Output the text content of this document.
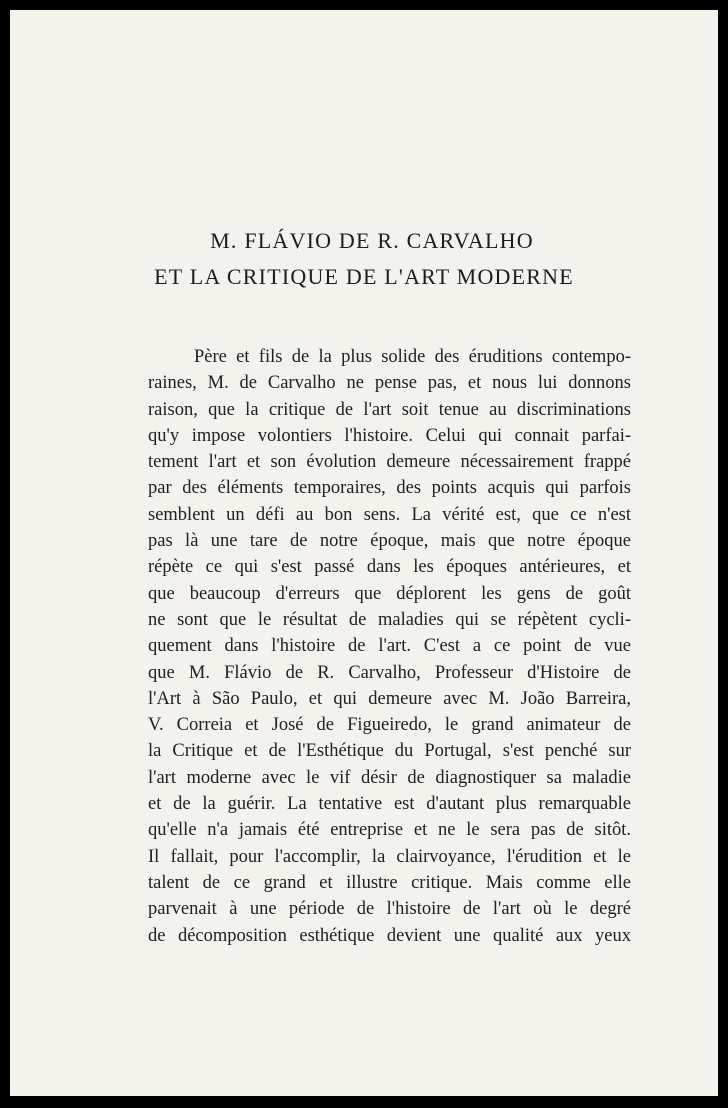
M. FLÁVIO DE R. CARVALHO
ET LA CRITIQUE DE L'ART MODERNE
Père et fils de la plus solide des éruditions contempo-
raines, M. de Carvalho ne pense pas, et nous lui donnons
raison, que la critique de l'art soit tenue au discriminations
qu'y impose volontiers l'histoire. Celui qui connait parfai-
tement l'art et son évolution demeure nécessairement frappé
par des éléments temporaires, des points acquis qui parfois
semblent un défi au bon sens. La vérité est, que ce n'est
pas là une tare de notre époque, mais que notre époque
répète ce qui s'est passé dans les époques antérieures, et
que beaucoup d'erreurs que déplorent les gens de goût
ne sont que le résultat de maladies qui se répètent cycli-
quement dans l'histoire de l'art. C'est a ce point de vue
que M. Flávio de R. Carvalho, Professeur d'Histoire de
l'Art à São Paulo, et qui demeure avec M. João Barreira,
V. Correia et José de Figueiredo, le grand animateur de
la Critique et de l'Esthétique du Portugal, s'est penché sur
l'art moderne avec le vif désir de diagnostiquer sa maladie
et de la guérir. La tentative est d'autant plus remarquable
qu'elle n'a jamais été entreprise et ne le sera pas de sitôt.
Il fallait, pour l'accomplir, la clairvoyance, l'érudition et le
talent de ce grand et illustre critique. Mais comme elle
parvenait à une période de l'histoire de l'art où le degré
de décomposition esthétique devient une qualité aux yeux
